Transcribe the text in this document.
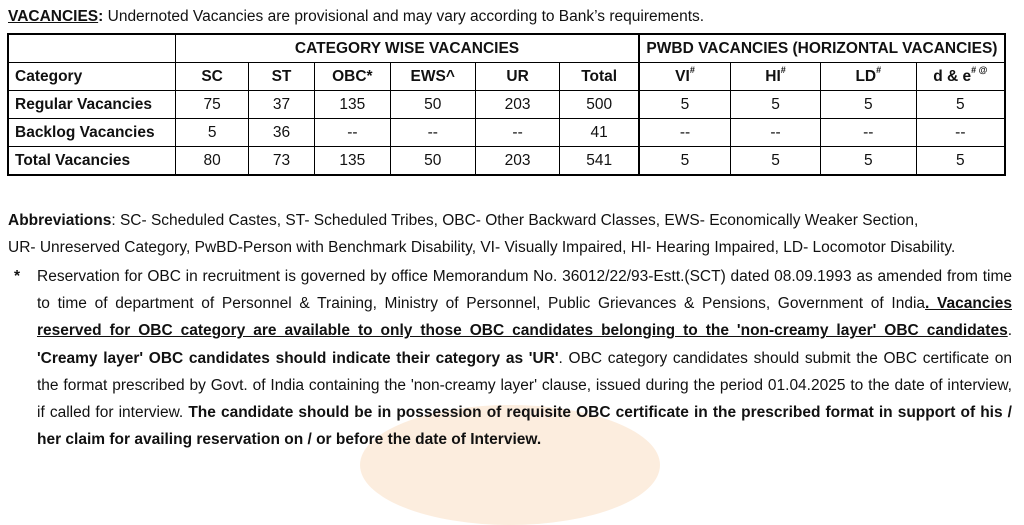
VACANCIES: Undernoted Vacancies are provisional and may vary according to Bank’s requirements.
	CATEGORY WISE VACANCIES						PWBD VACANCIES (HORIZONTAL VACANCIES)			
Category	SC	ST	OBC*	EWS^	UR	Total	VI#	HI#	LD#	d & e# @
Regular Vacancies	75	37	135	50	203	500	5	5	5	5
Backlog Vacancies	5	36	--	--	--	41	--	--	--	--
Total Vacancies	80	73	135	50	203	541	5	5	5	5
Abbreviations: SC- Scheduled Castes, ST- Scheduled Tribes, OBC- Other Backward Classes, EWS- Economically Weaker Section,
UR- Unreserved Category, PwBD-Person with Benchmark Disability, VI- Visually Impaired, HI- Hearing Impaired, LD- Locomotor Disability.
* Reservation for OBC in recruitment is governed by office Memorandum No. 36012/22/93-Estt.(SCT) dated 08.09.1993 as amended from time to time of department of Personnel & Training, Ministry of Personnel, Public Grievances & Pensions, Government of India. Vacancies reserved for OBC category are available to only those OBC candidates belonging to the 'non-creamy layer' OBC candidates. 'Creamy layer' OBC candidates should indicate their category as 'UR'. OBC category candidates should submit the OBC certificate on the format prescribed by Govt. of India containing the 'non-creamy layer' clause, issued during the period 01.04.2025 to the date of interview, if called for interview. The candidate should be in possession of requisite OBC certificate in the prescribed format in support of his / her claim for availing reservation on / or before the date of Interview.
